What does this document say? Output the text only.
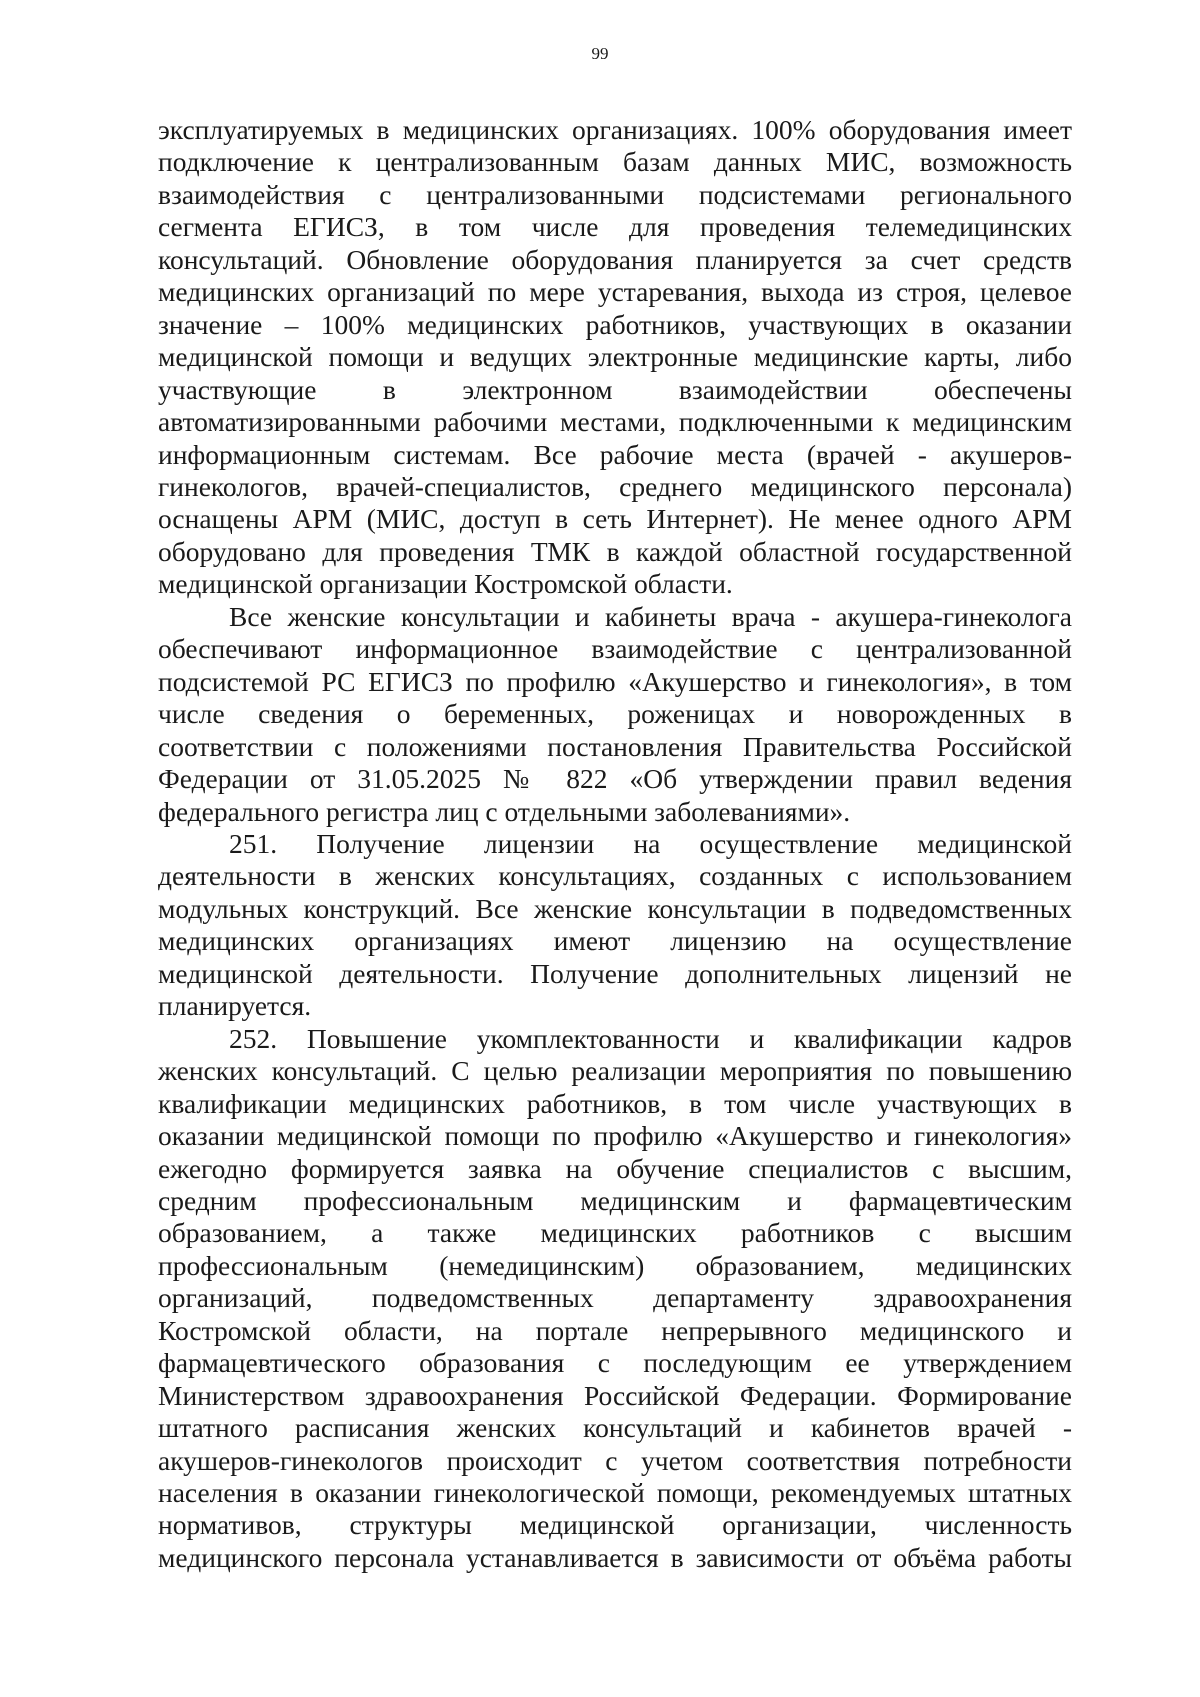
99
эксплуатируемых в медицинских организациях. 100% оборудования имеет
подключение к централизованным базам данных МИС, возможность
взаимодействия с централизованными подсистемами регионального
сегмента ЕГИСЗ, в том числе для проведения телемедицинских
консультаций. Обновление оборудования планируется за счет средств
медицинских организаций по мере устаревания, выхода из строя, целевое
значение – 100% медицинских работников, участвующих в оказании
медицинской помощи и ведущих электронные медицинские карты, либо
участвующие в электронном взаимодействии обеспечены
автоматизированными рабочими местами, подключенными к медицинским
информационным системам. Все рабочие места (врачей - акушеров-
гинекологов, врачей-специалистов, среднего медицинского персонала)
оснащены АРМ (МИС, доступ в сеть Интернет). Не менее одного АРМ
оборудовано для проведения ТМК в каждой областной государственной
медицинской организации Костромской области.
Все женские консультации и кабинеты врача - акушера-гинеколога
обеспечивают информационное взаимодействие с централизованной
подсистемой РС ЕГИСЗ по профилю «Акушерство и гинекология», в том
числе сведения о беременных, роженицах и новорожденных в
соответствии с положениями постановления Правительства Российской
Федерации от 31.05.2025 № 822 «Об утверждении правил ведения
федерального регистра лиц с отдельными заболеваниями».
251. Получение лицензии на осуществление медицинской
деятельности в женских консультациях, созданных с использованием
модульных конструкций. Все женские консультации в подведомственных
медицинских организациях имеют лицензию на осуществление
медицинской деятельности. Получение дополнительных лицензий не
планируется.
252. Повышение укомплектованности и квалификации кадров
женских консультаций. С целью реализации мероприятия по повышению
квалификации медицинских работников, в том числе участвующих в
оказании медицинской помощи по профилю «Акушерство и гинекология»
ежегодно формируется заявка на обучение специалистов с высшим,
средним профессиональным медицинским и фармацевтическим
образованием, а также медицинских работников с высшим
профессиональным (немедицинским) образованием, медицинских
организаций, подведомственных департаменту здравоохранения
Костромской области, на портале непрерывного медицинского и
фармацевтического образования с последующим ее утверждением
Министерством здравоохранения Российской Федерации. Формирование
штатного расписания женских консультаций и кабинетов врачей -
акушеров-гинекологов происходит с учетом соответствия потребности
населения в оказании гинекологической помощи, рекомендуемых штатных
нормативов, структуры медицинской организации, численность
медицинского персонала устанавливается в зависимости от объёма работы
